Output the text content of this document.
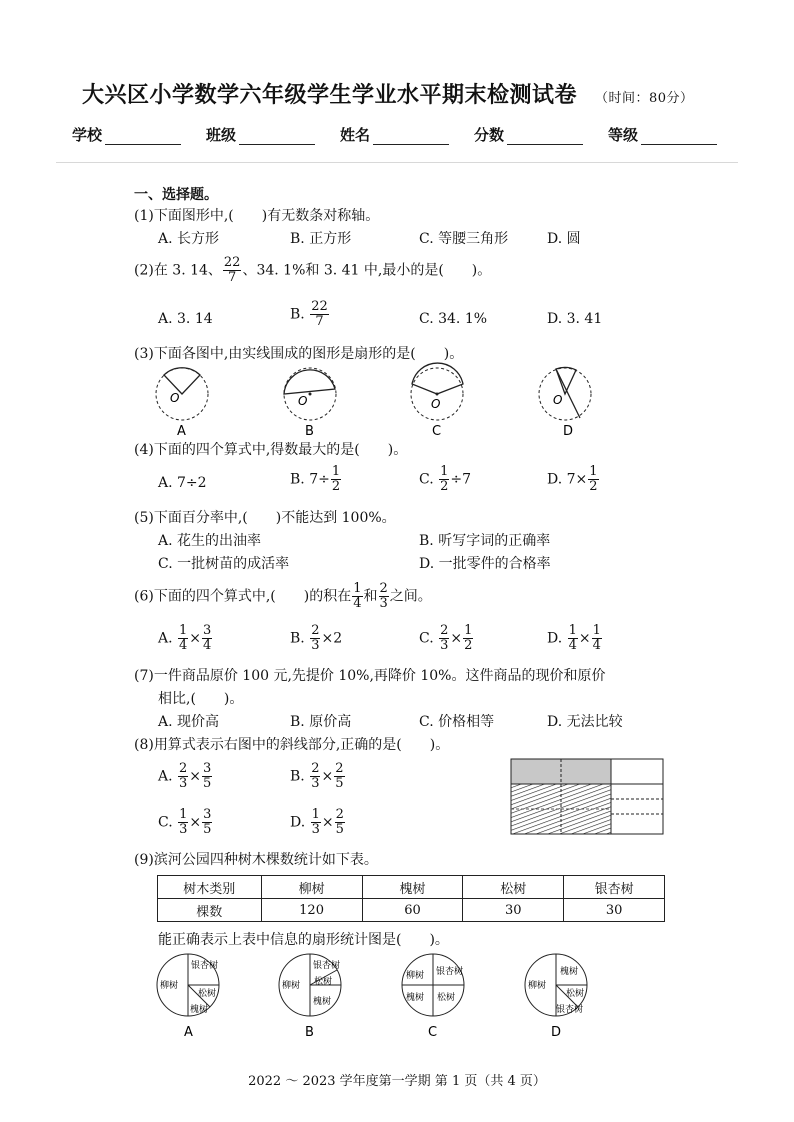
大兴区小学数学六年级学生学业水平期末检测试卷 （时间：80分）
学校	班级	姓名	分数	等级
一、选择题。
(1)下面图形中,(　　)有无数条对称轴。
A. 长方形	B. 正方形	C. 等腰三角形	D. 圆
(2)在 3. 14、 $\frac{22}{7}$ 、34. 1%和 3. 41 中,最小的是(　　)。
A. 3. 14	B. $\frac{22}{7}$	C. 34. 1%	D. 3. 41
(3)下面各图中,由实线围成的图形是扇形的是(　　)。
O
A
O
B
O
C
O
D
(4)下面的四个算式中,得数最大的是(　　)。
A. 7÷2	B. $7\div \frac{1}{2}$	C. $\frac{1}{2} \div 7$	D. $7\times \frac{1}{2}$
(5)下面百分率中,(　　)不能达到 100%。
A. 花生的出油率	B. 听写字词的正确率
C. 一批树苗的成活率	D. 一批零件的合格率
(6)下面的四个算式中,(　　)的积在 $\frac{1}{4}$ 和 $\frac{2}{3}$ 之间。
A. $\frac{1}{4} \times \frac{3}{4}$	B. $\frac{2}{3} \times 2$	C. $\frac{2}{3} \times \frac{1}{2}$	D. $\frac{1}{4} \times \frac{1}{4}$
(7)一件商品原价 100 元,先提价 10%,再降价 10%。这件商品的现价和原价
相比,(　　)。
A. 现价高	B. 原价高	C. 价格相等	D. 无法比较
(8)用算式表示右图中的斜线部分,正确的是(　　)。
A. $\frac{2}{3} \times \frac{3}{5}$	B. $\frac{2}{3} \times \frac{2}{5}$
C. $\frac{1}{3} \times \frac{3}{5}$	D. $\frac{1}{3} \times \frac{2}{5}$
(9)滨河公园四种树木棵数统计如下表。
树木类别	柳树	槐树	松树	银杏树
棵数	120	60	30	30
能正确表示上表中信息的扇形统计图是(　　)。
柳树
银杏树
松树
槐树
A
柳树
银杏树
松树
槐树
B
柳树 银杏树
槐树 松树
C
柳树
槐树
松树
银杏树
D
2022 ～ 2023 学年度第一学期 第 1 页（共 4 页）
